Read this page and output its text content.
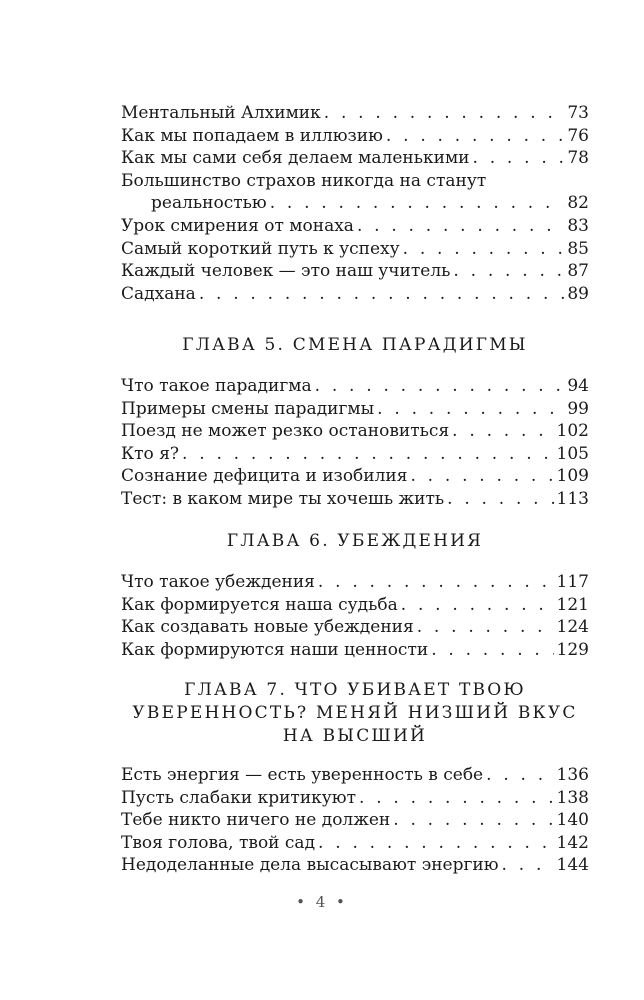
Ментальный Алхимик . . .	73
Как мы попадаем в иллюзию . . .	76
Как мы сами себя делаем маленькими . . .	78
Большинство страхов никогда на станут
реальностью . . .	82
Урок смирения от монаха . . .	83
Самый короткий путь к успеху . . .	85
Каждый человек — это наш учитель . . .	87
Садхана . . .	89
ГЛАВА 5. СМЕНА ПАРАДИГМЫ
Что такое парадигма . . .	94
Примеры смены парадигмы . . .	99
Поезд не может резко остановиться . . .	102
Кто я? . . .	105
Сознание дефицита и изобилия . . .	109
Тест: в каком мире ты хочешь жить . . .	113
ГЛАВА 6. УБЕЖДЕНИЯ
Что такое убеждения . . .	117
Как формируется наша судьба . . .	121
Как создавать новые убеждения . . .	124
Как формируются наши ценности . . .	129
ГЛАВА 7. ЧТО УБИВАЕТ ТВОЮ
УВЕРЕННОСТЬ? МЕНЯЙ НИЗШИЙ ВКУС
НА ВЫСШИЙ
Есть энергия — есть уверенность в себе . . .	136
Пусть слабаки критикуют . . .	138
Тебе никто ничего не должен . . .	140
Твоя голова, твой сад . . .	142
Недоделанные дела высасывают энергию . . .	144
• 4 •
